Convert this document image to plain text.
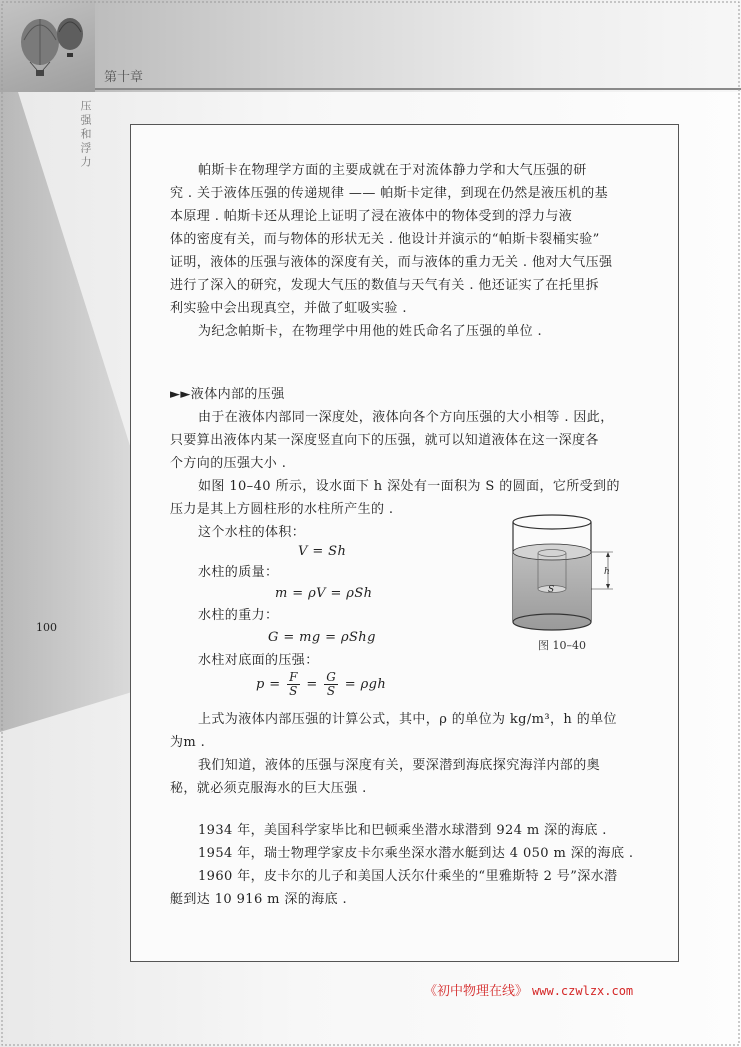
第十章
压强和浮力
100
帕斯卡在物理学方面的主要成就在于对流体静力学和大气压强的研
究 . 关于液体压强的传递规律 —— 帕斯卡定律，到现在仍然是液压机的基
本原理 . 帕斯卡还从理论上证明了浸在液体中的物体受到的浮力与液
体的密度有关，而与物体的形状无关 . 他设计并演示的“帕斯卡裂桶实验”
证明，液体的压强与液体的深度有关，而与液体的重力无关 . 他对大气压强
进行了深入的研究，发现大气压的数值与天气有关 . 他还证实了在托里拆
利实验中会出现真空，并做了虹吸实验 .
为纪念帕斯卡，在物理学中用他的姓氏命名了压强的单位 .
►►液体内部的压强
由于在液体内部同一深度处，液体向各个方向压强的大小相等 . 因此，
只要算出液体内某一深度竖直向下的压强，就可以知道液体在这一深度各
个方向的压强大小 .
如图 10–40 所示，设水面下 h 深处有一面积为 S 的圆面，它所受到的
压力是其上方圆柱形的水柱所产生的 .
这个水柱的体积：
V = Sh
水柱的质量：
m = ρV = ρSh
水柱的重力：
G = mg = ρShg
水柱对底面的压强：
$p = \frac{F}{S} = \frac{G}{S} = \rho gh$
上式为液体内部压强的计算公式，其中，ρ 的单位为 kg/m³，h 的单位
为m .
我们知道，液体的压强与深度有关，要深潜到海底探究海洋内部的奥
秘，就必须克服海水的巨大压强 .
1934 年，美国科学家毕比和巴顿乘坐潜水球潜到 924 m 深的海底 .
1954 年，瑞士物理学家皮卡尔乘坐深水潜水艇到达 4 050 m 深的海底 .
1960 年，皮卡尔的儿子和美国人沃尔什乘坐的“里雅斯特 2 号”深水潜
艇到达 10 916 m 深的海底 .
S
h
图 10–40
《初中物理在线》 www.czwlzx.com
